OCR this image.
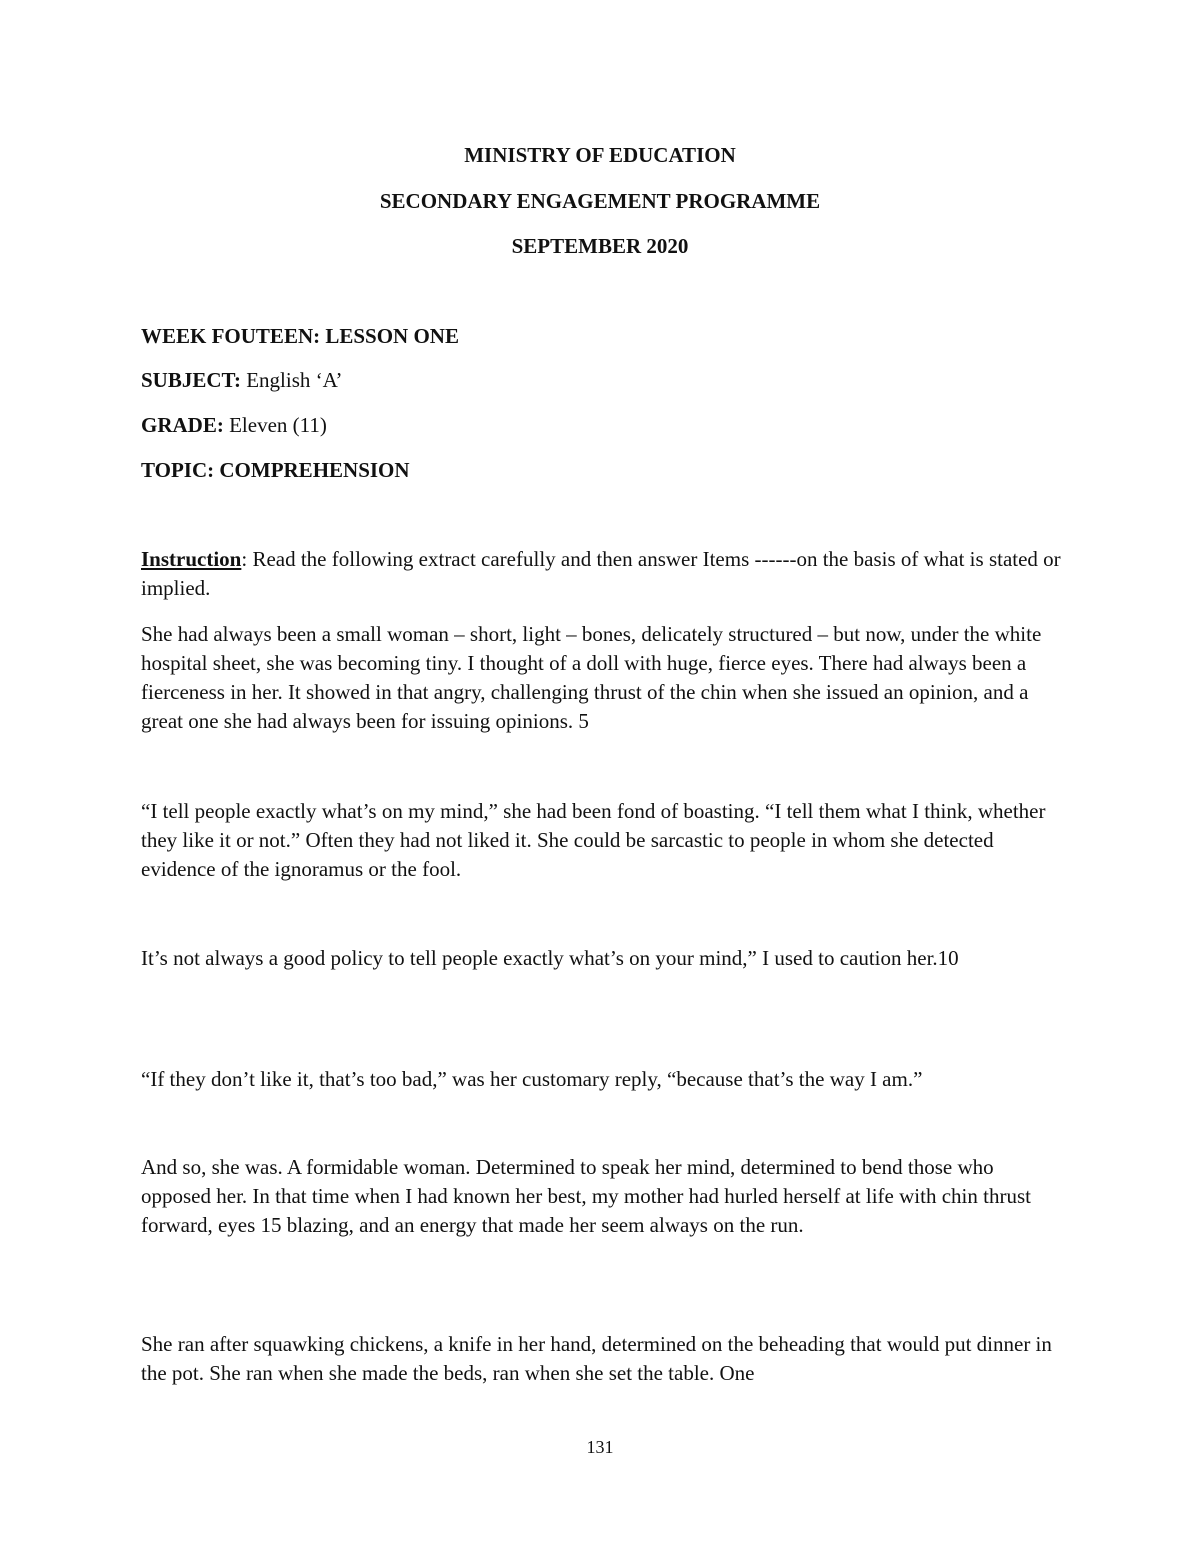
MINISTRY OF EDUCATION
SECONDARY ENGAGEMENT PROGRAMME
SEPTEMBER 2020
WEEK FOUTEEN: LESSON ONE
SUBJECT: English ‘A’
GRADE: Eleven (11)
TOPIC: COMPREHENSION

Instruction: Read the following extract carefully and then answer Items ------on the basis of what is stated or implied.

She had always been a small woman – short, light – bones, delicately structured – but now, under the white hospital sheet, she was becoming tiny. I thought of a doll with huge, fierce eyes. There had always been a fierceness in her. It showed in that angry, challenging thrust of the chin when she issued an opinion, and a great one she had always been for issuing opinions. 5

“I tell people exactly what’s on my mind,” she had been fond of boasting. “I tell them what I think, whether they like it or not.” Often they had not liked it. She could be sarcastic to people in whom she detected evidence of the ignoramus or the fool.

It’s not always a good policy to tell people exactly what’s on your mind,” I used to caution her.10

“If they don’t like it, that’s too bad,” was her customary reply, “because that’s the way I am.”

And so, she was. A formidable woman. Determined to speak her mind, determined to bend those who opposed her. In that time when I had known her best, my mother had hurled herself at life with chin thrust forward, eyes 15 blazing, and an energy that made her seem always on the run.

She ran after squawking chickens, a knife in her hand, determined on the beheading that would put dinner in the pot. She ran when she made the beds, ran when she set the table. One

131
